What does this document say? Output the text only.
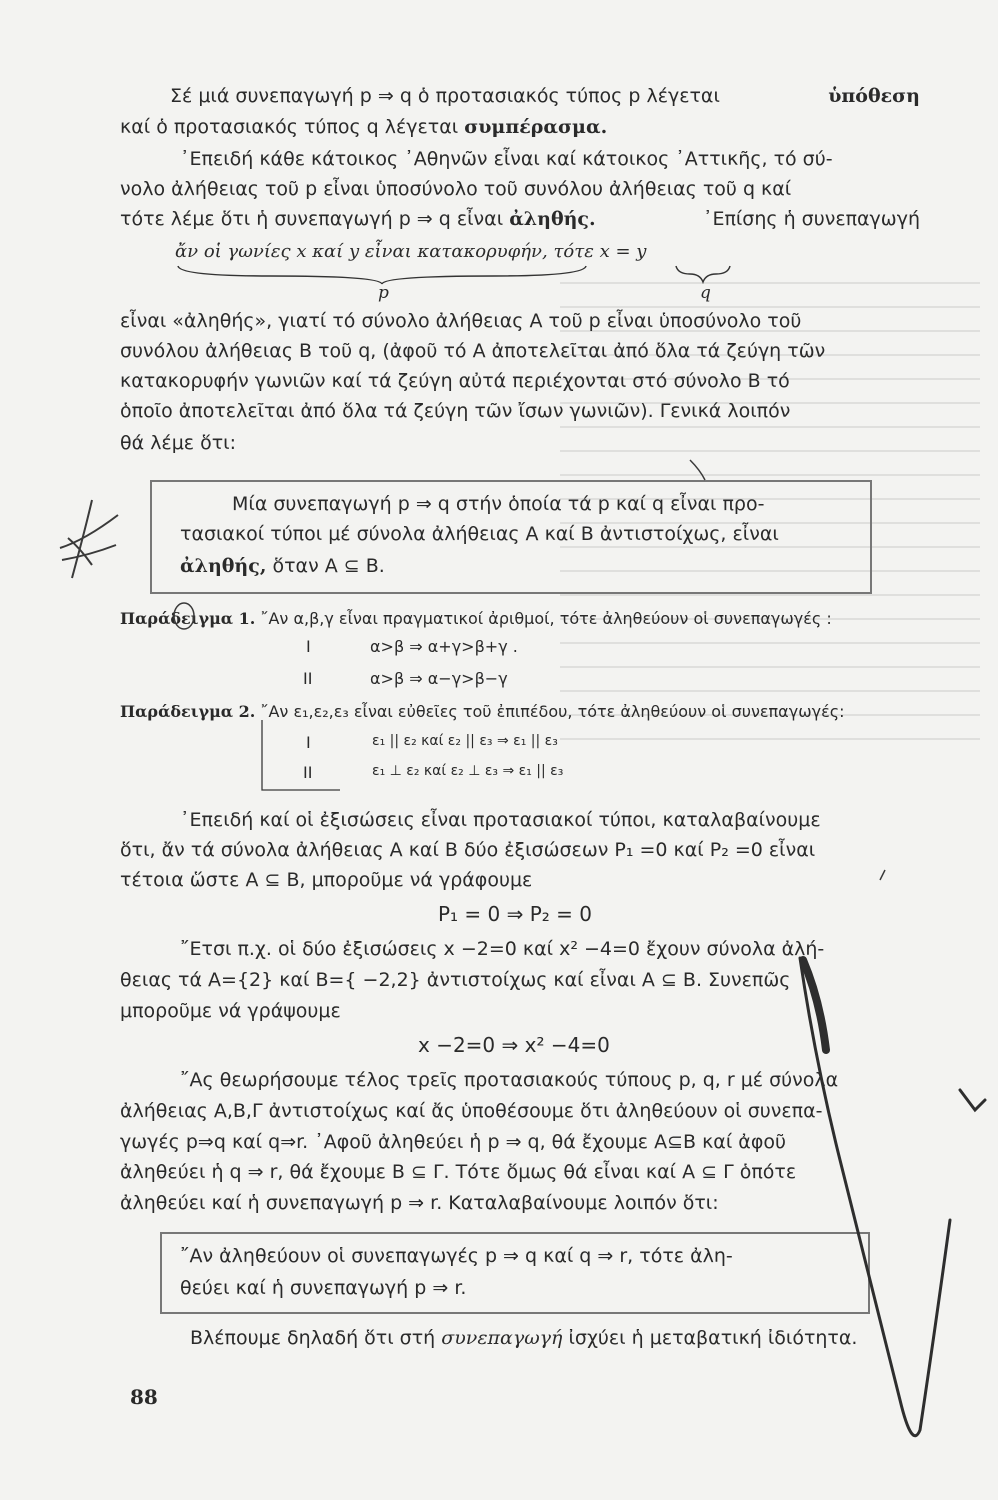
Σέ μιά συνεπαγωγή p ⇒ q ὁ προτασιακός τύπος p λέγεται	ὑπόθεση
καί ὁ προτασιακός τύπος q λέγεται συμπέρασμα.
᾿Επειδή κάθε κάτοικος ᾿Αθηνῶν εἶναι καί κάτοικος ᾿Αττικῆς, τό σύ-
νολο ἀλήθειας τοῦ p εἶναι ὑποσύνολο τοῦ συνόλου ἀλήθειας τοῦ q καί
τότε λέμε ὅτι ἡ συνεπαγωγή p ⇒ q εἶναι ἀληθής.	᾿Επίσης ἡ συνεπαγωγή
ἄν οἱ γωνίες x καί y εἶναι κατακορυφήν, τότε x = y
p	q
εἶναι «ἀληθής», γιατί τό σύνολο ἀλήθειας Α τοῦ p εἶναι ὑποσύνολο τοῦ
συνόλου ἀλήθειας Β τοῦ q, (ἀφοῦ τό Α ἀποτελεῖται ἀπό ὅλα τά ζεύγη τῶν
κατακορυφήν γωνιῶν καί τά ζεύγη αὐτά περιέχονται στό σύνολο Β τό
ὁποῖο ἀποτελεῖται ἀπό ὅλα τά ζεύγη τῶν ἴσων γωνιῶν). Γενικά λοιπόν
θά λέμε ὅτι:
Μία συνεπαγωγή p ⇒ q στήν ὁποία τά p καί q εἶναι προ-
τασιακοί τύποι μέ σύνολα ἀλήθειας Α καί Β ἀντιστοίχως, εἶναι
ἀληθής, ὅταν Α ⊆ Β.
Παράδειγμα 1. ῎Αν α,β,γ εἶναι πραγματικοί ἀριθμοί, τότε ἀληθεύουν οἱ συνεπαγωγές :
I	α>β ⇒ α+γ>β+γ .
II	α>β ⇒ α−γ>β−γ
Παράδειγμα 2. ῎Αν ε₁,ε₂,ε₃ εἶναι εὐθεῖες τοῦ ἐπιπέδου, τότε ἀληθεύουν οἱ συνεπαγωγές:
I	ε₁ || ε₂ καί ε₂ || ε₃ ⇒ ε₁ || ε₃
II	ε₁ ⊥ ε₂ καί ε₂ ⊥ ε₃ ⇒ ε₁ || ε₃
᾿Επειδή καί οἱ ἐξισώσεις εἶναι προτασιακοί τύποι, καταλαβαίνουμε
ὅτι, ἄν τά σύνολα ἀλήθειας Α καί Β δύο ἐξισώσεων P₁ =0 καί P₂ =0 εἶναι
τέτοια ὥστε Α ⊆ Β, μποροῦμε νά γράφουμε
P₁ = 0 ⇒ P₂ = 0
῎Ετσι π.χ. οἱ δύο ἐξισώσεις x −2=0 καί x² −4=0 ἔχουν σύνολα ἀλή-
θειας τά Α={2} καί Β={ −2,2} ἀντιστοίχως καί εἶναι Α ⊆ Β. Συνεπῶς
μποροῦμε νά γράψουμε
x −2=0 ⇒ x² −4=0
῎Ας θεωρήσουμε τέλος τρεῖς προτασιακούς τύπους p, q, r μέ σύνολα
ἀλήθειας Α,Β,Γ ἀντιστοίχως καί ἄς ὑποθέσουμε ὅτι ἀληθεύουν οἱ συνεπα-
γωγές p⇒q καί q⇒r. ᾿Αφοῦ ἀληθεύει ἡ p ⇒ q, θά ἔχουμε Α⊆Β καί ἀφοῦ
ἀληθεύει ἡ q ⇒ r, θά ἔχουμε Β ⊆ Γ. Τότε ὅμως θά εἶναι καί Α ⊆ Γ ὁπότε
ἀληθεύει καί ἡ συνεπαγωγή p ⇒ r. Καταλαβαίνουμε λοιπόν ὅτι:
῎Αν ἀληθεύουν οἱ συνεπαγωγές p ⇒ q καί q ⇒ r, τότε ἀλη-
θεύει καί ἡ συνεπαγωγή p ⇒ r.
Βλέπουμε δηλαδή ὅτι στή συνεπαγωγή ἰσχύει ἡ μεταβατική ἰδιότητα.
88
